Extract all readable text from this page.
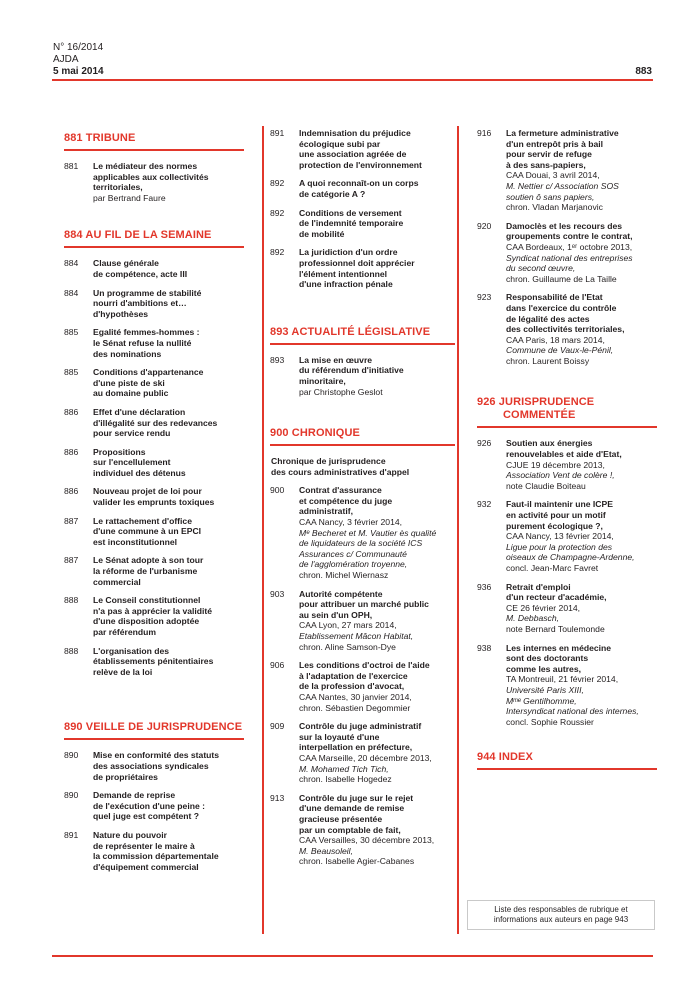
N° 16/2014
AJDA
5 mai 2014	883
881 TRIBUNE
881	Le médiateur des normes
applicables aux collectivités
territoriales,
par Bertrand Faure
884 AU FIL DE LA SEMAINE
884	Clause générale
de compétence, acte III
884	Un programme de stabilité
nourri d'ambitions et…
d'hypothèses
885	Egalité femmes-hommes :
le Sénat refuse la nullité
des nominations
885	Conditions d'appartenance
d'une piste de ski
au domaine public
886	Effet d'une déclaration
d'illégalité sur des redevances
pour service rendu
886	Propositions
sur l'encellulement
individuel des détenus
886	Nouveau projet de loi pour
valider les emprunts toxiques
887	Le rattachement d'office
d'une commune à un EPCI
est inconstitutionnel
887	Le Sénat adopte à son tour
la réforme de l'urbanisme
commercial
888	Le Conseil constitutionnel
n'a pas à apprécier la validité
d'une disposition adoptée
par référendum
888	L'organisation des
établissements pénitentiaires
relève de la loi
890 VEILLE DE JURISPRUDENCE
890	Mise en conformité des statuts
des associations syndicales
de propriétaires
890	Demande de reprise
de l'exécution d'une peine :
quel juge est compétent ?
891	Nature du pouvoir
de représenter le maire à
la commission départementale
d'équipement commercial
891	Indemnisation du préjudice
écologique subi par
une association agréée de
protection de l'environnement
892	A quoi reconnaît-on un corps
de catégorie A ?
892	Conditions de versement
de l'indemnité temporaire
de mobilité
892	La juridiction d'un ordre
professionnel doit apprécier
l'élément intentionnel
d'une infraction pénale
893 ACTUALITÉ LÉGISLATIVE
893	La mise en œuvre
du référendum d'initiative
minoritaire,
par Christophe Geslot
900 CHRONIQUE
Chronique de jurisprudence
des cours administratives d'appel
900	Contrat d'assurance
et compétence du juge
administratif,
CAA Nancy, 3 février 2014,
Mᵉ Becheret et M. Vautier ès qualité
de liquidateurs de la société ICS
Assurances c/ Communauté
de l'agglomération troyenne,
chron. Michel Wiernasz
903	Autorité compétente
pour attribuer un marché public
au sein d'un OPH,
CAA Lyon, 27 mars 2014,
Etablissement Mâcon Habitat,
chron. Aline Samson-Dye
906	Les conditions d'octroi de l'aide
à l'adaptation de l'exercice
de la profession d'avocat,
CAA Nantes, 30 janvier 2014,
chron. Sébastien Degommier
909	Contrôle du juge administratif
sur la loyauté d'une
interpellation en préfecture,
CAA Marseille, 20 décembre 2013,
M. Mohamed Tich Tich,
chron. Isabelle Hogedez
913	Contrôle du juge sur le rejet
d'une demande de remise
gracieuse présentée
par un comptable de fait,
CAA Versailles, 30 décembre 2013,
M. Beausoleil,
chron. Isabelle Agier-Cabanes
916	La fermeture administrative
d'un entrepôt pris à bail
pour servir de refuge
à des sans-papiers,
CAA Douai, 3 avril 2014,
M. Nettier c/ Association SOS
soutien ô sans papiers,
chron. Vladan Marjanovic
920	Damoclès et les recours des
groupements contre le contrat,
CAA Bordeaux, 1ᵉʳ octobre 2013,
Syndicat national des entreprises
du second œuvre,
chron. Guillaume de La Taille
923	Responsabilité de l'Etat
dans l'exercice du contrôle
de légalité des actes
des collectivités territoriales,
CAA Paris, 18 mars 2014,
Commune de Vaux-le-Pénil,
chron. Laurent Boissy
926 JURISPRUDENCE
COMMENTÉE
926	Soutien aux énergies
renouvelables et aide d'Etat,
CJUE 19 décembre 2013,
Association Vent de colère !,
note Claudie Boiteau
932	Faut-il maintenir une ICPE
en activité pour un motif
purement écologique ?,
CAA Nancy, 13 février 2014,
Ligue pour la protection des
oiseaux de Champagne-Ardenne,
concl. Jean-Marc Favret
936	Retrait d'emploi
d'un recteur d'académie,
CE 26 février 2014,
M. Debbasch,
note Bernard Toulemonde
938	Les internes en médecine
sont des doctorants
comme les autres,
TA Montreuil, 21 février 2014,
Université Paris XIII,
Mᵐᵉ Gentilhomme,
Intersyndicat national des internes,
concl. Sophie Roussier
944 INDEX
Liste des responsables de rubrique et
informations aux auteurs en page 943
